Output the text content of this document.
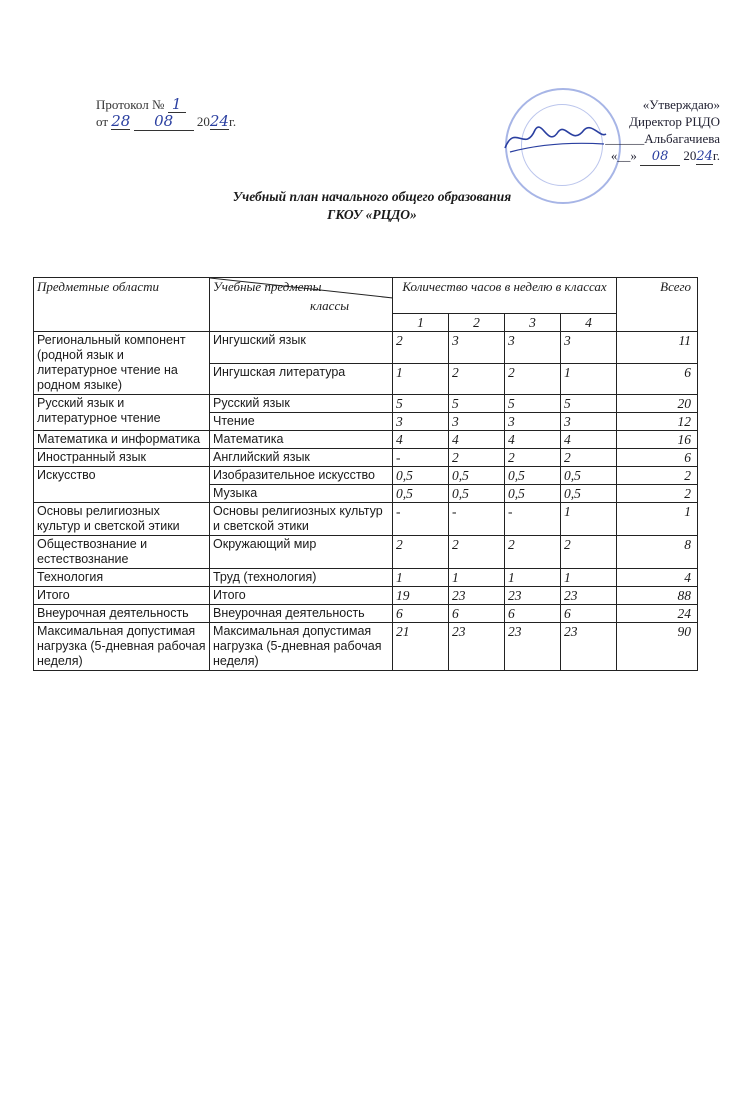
Протокол № 1
от 28 08 2024г.
«Утверждаю»
Директор РЦДО
______Альбагачиева
«__» 08 2024г.
Учебный план начального общего образования
ГКОУ «РЦДО»
Предметные области	Учебные предметы
классы	Количество часов в неделю в классах				Всего
		1	2	3	4	
Региональный компонент (родной язык и литературное чтение на родном языке)	Ингушский язык	2	3	3	3	11
	Ингушская литература	1	2	2	1	6
Русский язык и литературное чтение	Русский язык	5	5	5	5	20
	Чтение	3	3	3	3	12
Математика и информатика	Математика	4	4	4	4	16
Иностранный язык	Английский язык	-	2	2	2	6
Искусство	Изобразительное искусство	0,5	0,5	0,5	0,5	2
	Музыка	0,5	0,5	0,5	0,5	2
Основы религиозных культур и светской этики	Основы религиозных культур и светской этики	-	-	-	1	1
Обществознание и естествознание	Окружающий мир	2	2	2	2	8
Технология	Труд (технология)	1	1	1	1	4
Итого	Итого	19	23	23	23	88
Внеурочная деятельность	Внеурочная деятельность	6	6	6	6	24
Максимальная допустимая нагрузка (5-дневная рабочая неделя)	Максимальная допустимая нагрузка (5-дневная рабочая неделя)	21	23	23	23	90
